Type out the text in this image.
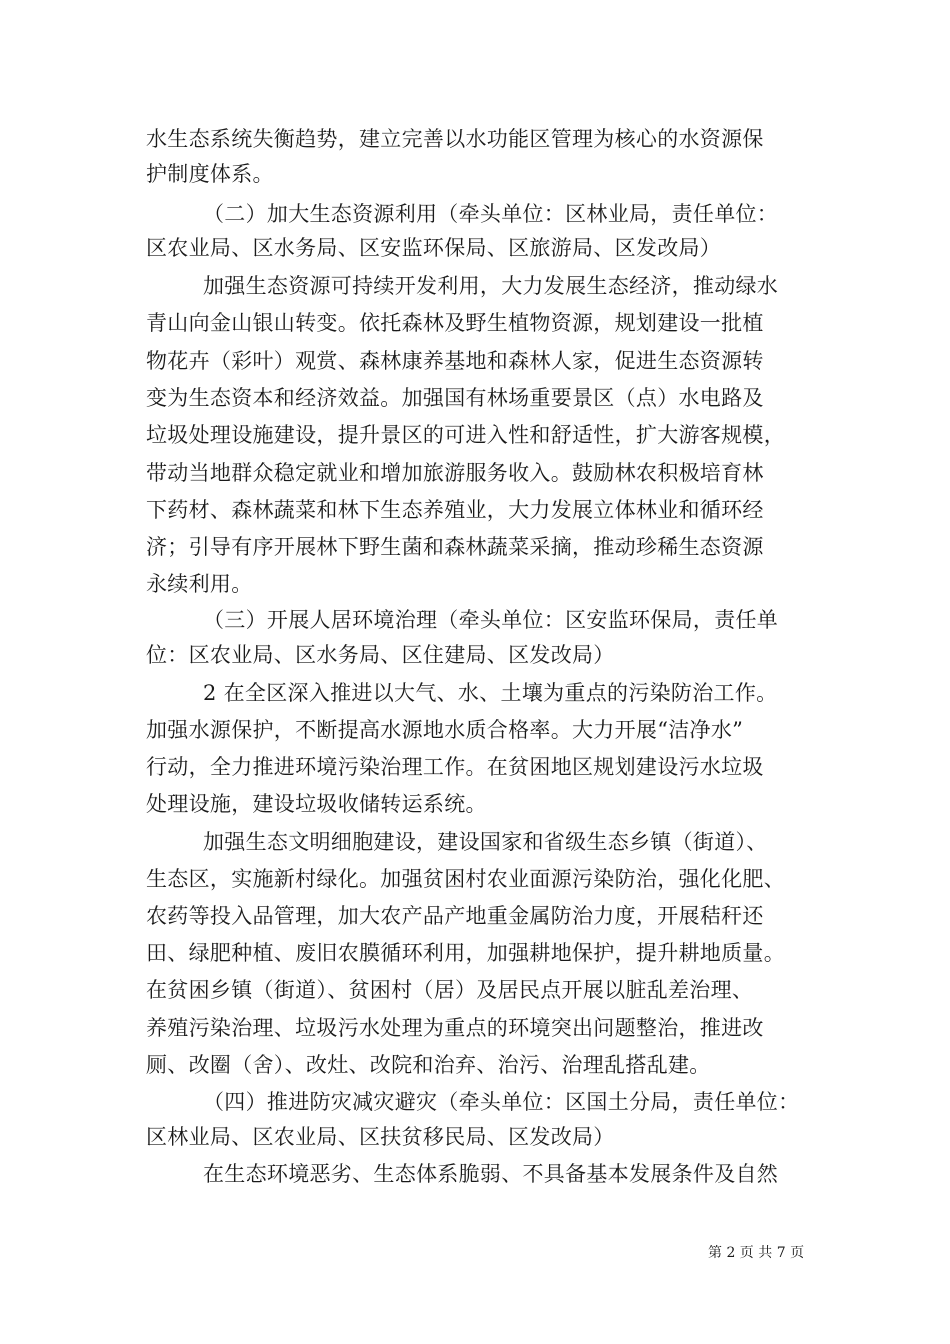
水生态系统失衡趋势，建立完善以水功能区管理为核心的水资源保
护制度体系。
（二）加大生态资源利用（牵头单位：区林业局，责任单位：
区农业局、区水务局、区安监环保局、区旅游局、区发改局）
加强生态资源可持续开发利用，大力发展生态经济，推动绿水
青山向金山银山转变。依托森林及野生植物资源，规划建设一批植
物花卉（彩叶）观赏、森林康养基地和森林人家，促进生态资源转
变为生态资本和经济效益。加强国有林场重要景区（点）水电路及
垃圾处理设施建设，提升景区的可进入性和舒适性，扩大游客规模，
带动当地群众稳定就业和增加旅游服务收入。鼓励林农积极培育林
下药材、森林蔬菜和林下生态养殖业，大力发展立体林业和循环经
济；引导有序开展林下野生菌和森林蔬菜采摘，推动珍稀生态资源
永续利用。
（三）开展人居环境治理（牵头单位：区安监环保局，责任单
位：区农业局、区水务局、区住建局、区发改局）
2 在全区深入推进以大气、水、土壤为重点的污染防治工作。
加强水源保护，不断提高水源地水质合格率。大力开展“洁净水”
行动，全力推进环境污染治理工作。在贫困地区规划建设污水垃圾
处理设施，建设垃圾收储转运系统。
加强生态文明细胞建设，建设国家和省级生态乡镇（街道）、
生态区，实施新村绿化。加强贫困村农业面源污染防治，强化化肥、
农药等投入品管理，加大农产品产地重金属防治力度，开展秸秆还
田、绿肥种植、废旧农膜循环利用，加强耕地保护，提升耕地质量。
在贫困乡镇（街道）、贫困村（居）及居民点开展以脏乱差治理、
养殖污染治理、垃圾污水处理为重点的环境突出问题整治，推进改
厕、改圈（舍）、改灶、改院和治弃、治污、治理乱搭乱建。
（四）推进防灾减灾避灾（牵头单位：区国土分局，责任单位：
区林业局、区农业局、区扶贫移民局、区发改局）
在生态环境恶劣、生态体系脆弱、不具备基本发展条件及自然
第 2 页 共 7 页
